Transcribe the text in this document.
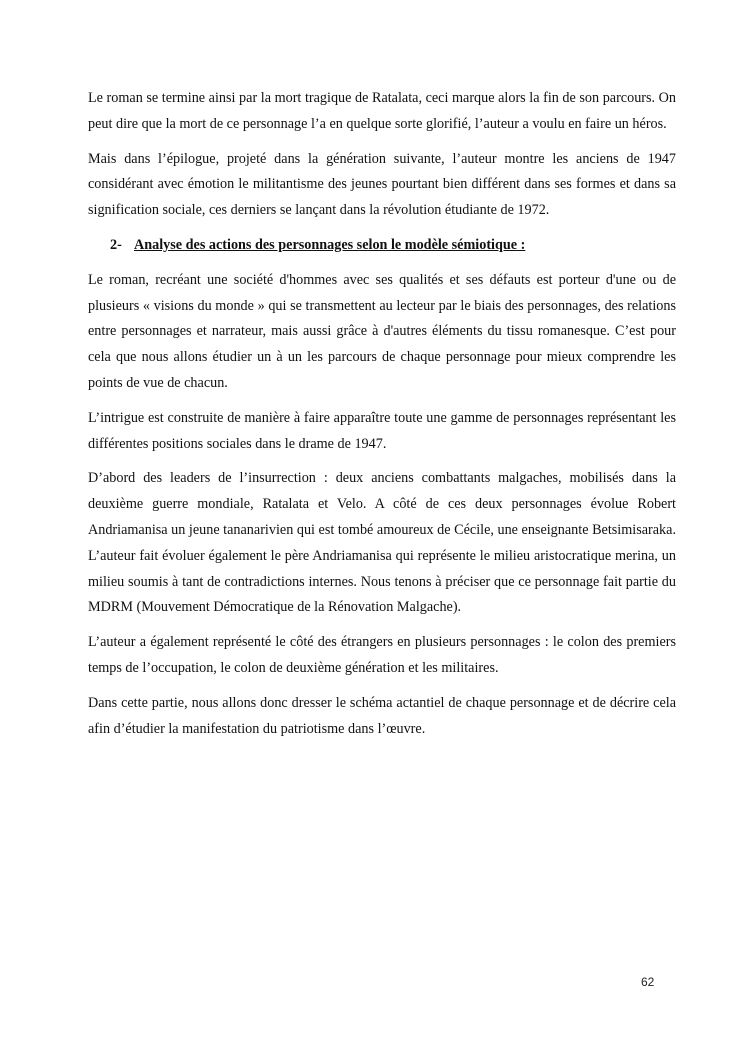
Le roman se termine ainsi par la mort tragique de Ratalata, ceci marque alors la fin de son parcours. On peut dire que la mort de ce personnage l’a en quelque sorte glorifié, l’auteur a voulu en faire un héros.

Mais dans l’épilogue, projeté dans la génération suivante, l’auteur montre les anciens de 1947 considérant avec émotion le militantisme des jeunes pourtant bien différent dans ses formes et dans sa signification sociale, ces derniers se lançant dans la révolution étudiante de 1972.

2- Analyse des actions des personnages selon le modèle sémiotique :

Le roman, recréant une société d'hommes avec ses qualités et ses défauts est porteur d'une ou de plusieurs « visions du monde » qui se transmettent au lecteur par le biais des personnages, des relations entre personnages et narrateur, mais aussi grâce à d'autres éléments du tissu romanesque. C’est pour cela que nous allons étudier un à un les parcours de chaque personnage pour mieux comprendre les points de vue de chacun.

L’intrigue est construite de manière à faire apparaître toute une gamme de personnages représentant les différentes positions sociales dans le drame de 1947.

D’abord des leaders de l’insurrection : deux anciens combattants malgaches, mobilisés dans la deuxième guerre mondiale, Ratalata et Velo. A côté de ces deux personnages évolue Robert Andriamanisa un jeune tananarivien qui est tombé amoureux de Cécile, une enseignante Betsimisaraka. L’auteur fait évoluer également le père Andriamanisa qui représente le milieu aristocratique merina, un milieu soumis à tant de contradictions internes. Nous tenons à préciser que ce personnage fait partie du MDRM (Mouvement Démocratique de la Rénovation Malgache).

L’auteur a également représenté le côté des étrangers en plusieurs personnages : le colon des premiers temps de l’occupation, le colon de deuxième génération et les militaires.

Dans cette partie, nous allons donc dresser le schéma actantiel de chaque personnage et de décrire cela afin d’étudier la manifestation du patriotisme dans l’œuvre.

62
